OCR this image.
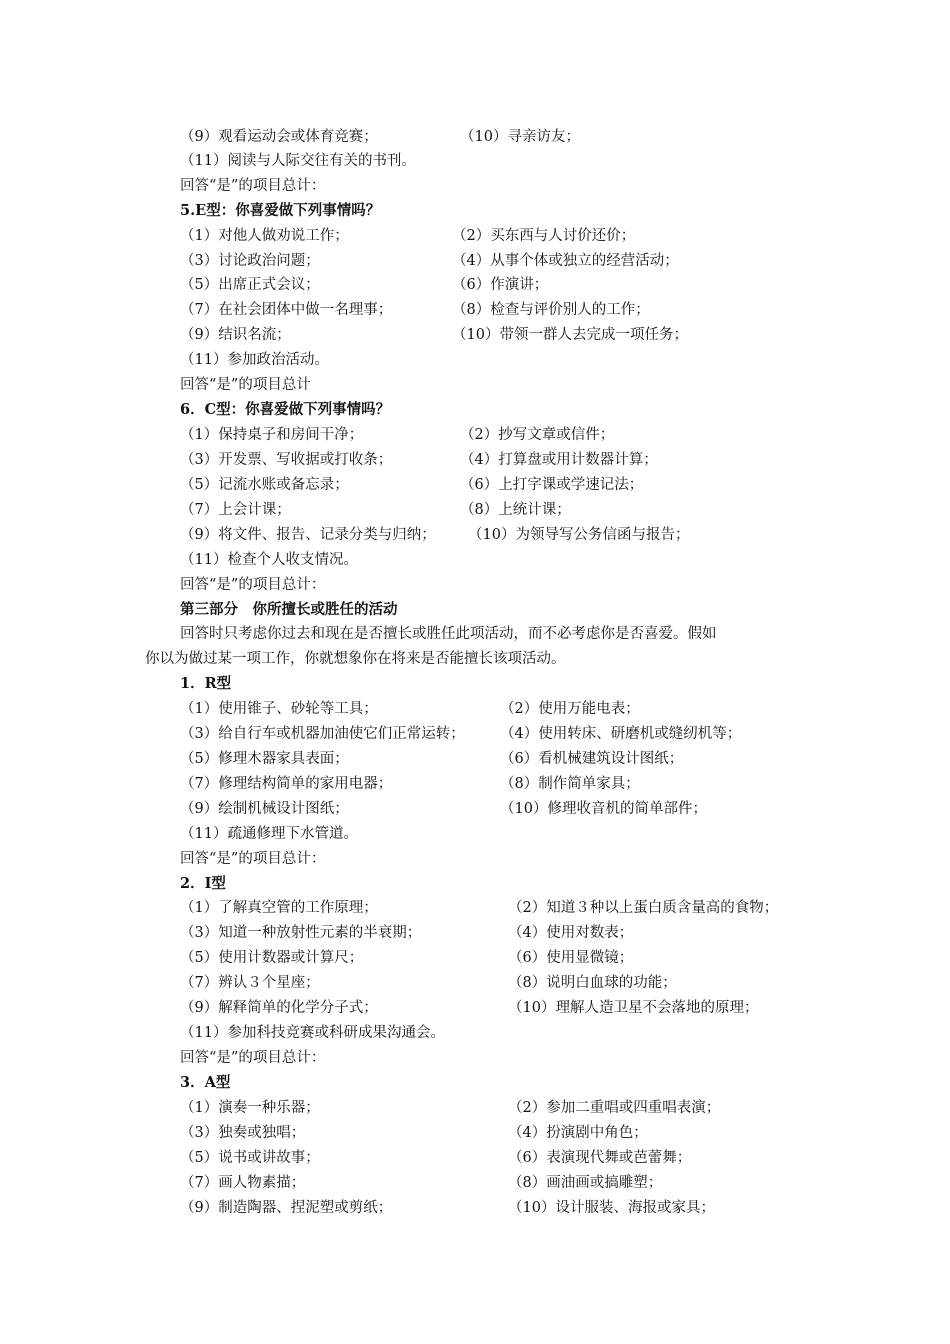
（9）观看运动会或体育竞赛；	（10）寻亲访友；
（11）阅读与人际交往有关的书刊。
回答“是”的项目总计：
5.E型：你喜爱做下列事情吗？
（1）对他人做劝说工作；	（2）买东西与人讨价还价；
（3）讨论政治问题；	（4）从事个体或独立的经营活动；
（5）出席正式会议；	（6）作演讲；
（7）在社会团体中做一名理事；	（8）检查与评价别人的工作；
（9）结识名流；	（10）带领一群人去完成一项任务；
（11）参加政治活动。
回答“是”的项目总计
6．C型：你喜爱做下列事情吗？
（1）保持桌子和房间干净；	（2）抄写文章或信件；
（3）开发票、写收据或打收条；	（4）打算盘或用计数器计算；
（5）记流水账或备忘录；	（6）上打字课或学速记法；
（7）上会计课；	（8）上统计课；
（9）将文件、报告、记录分类与归纳； （10）为领导写公务信函与报告；
（11）检查个人收支情况。
回答“是”的项目总计：
第三部分　你所擅长或胜任的活动
回答时只考虑你过去和现在是否擅长或胜任此项活动，而不必考虑你是否喜爱。假如
你以为做过某一项工作，你就想象你在将来是否能擅长该项活动。
1．R型
（1）使用锥子、砂轮等工具；	（2）使用万能电表；
（3）给自行车或机器加油使它们正常运转； （4）使用转床、研磨机或缝纫机等；
（5）修理木器家具表面；	（6）看机械建筑设计图纸；
（7）修理结构简单的家用电器；	（8）制作简单家具；
（9）绘制机械设计图纸；	（10）修理收音机的简单部件；
（11）疏通修理下水管道。
回答“是”的项目总计：
2．I型
（1）了解真空管的工作原理；	（2）知道３种以上蛋白质含量高的食物；
（3）知道一种放射性元素的半衰期；	（4）使用对数表；
（5）使用计数器或计算尺；	（6）使用显微镜；
（7）辨认３个星座；	（8）说明白血球的功能；
（9）解释简单的化学分子式；	（10）理解人造卫星不会落地的原理；
（11）参加科技竞赛或科研成果沟通会。
回答“是”的项目总计：
3．A型
（1）演奏一种乐器；	（2）参加二重唱或四重唱表演；
（3）独奏或独唱；	（4）扮演剧中角色；
（5）说书或讲故事；	（6）表演现代舞或芭蕾舞；
（7）画人物素描；	（8）画油画或搞雕塑；
（9）制造陶器、捏泥塑或剪纸；	（10）设计服装、海报或家具；
